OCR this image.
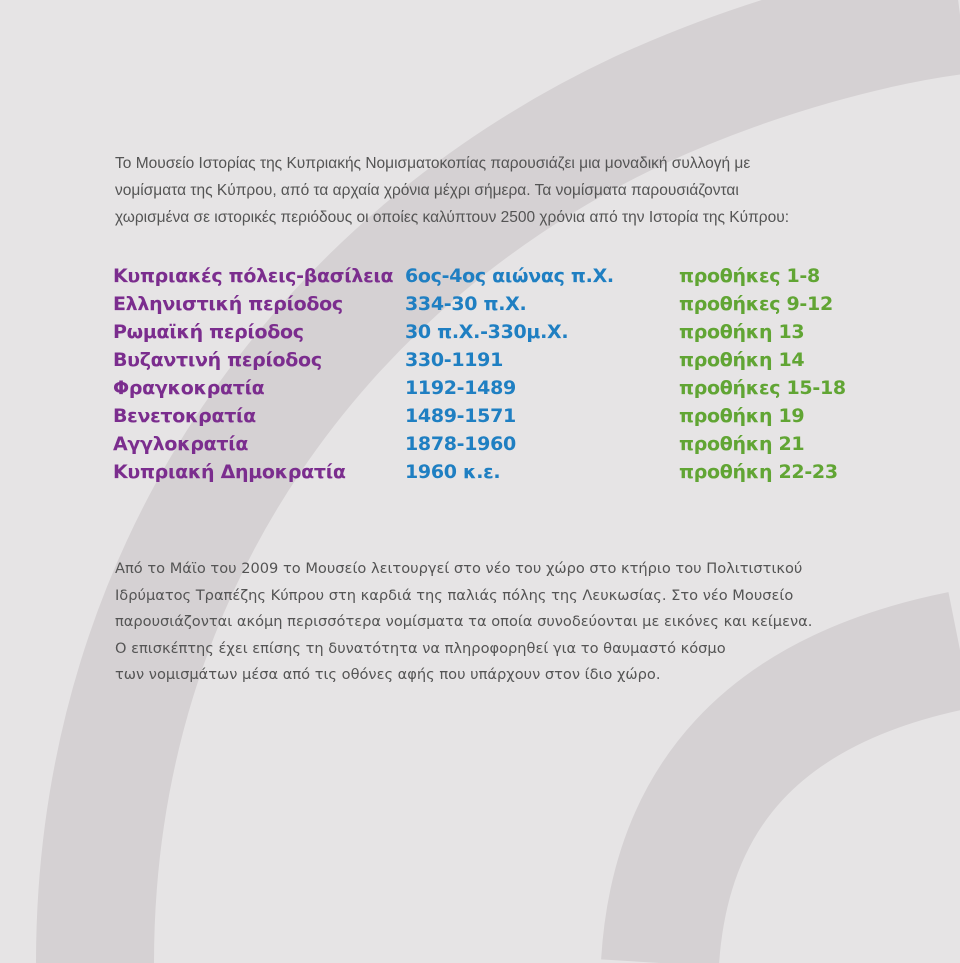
Το Μουσείο Ιστορίας της Κυπριακής Νομισματοκοπίας παρουσιάζει μια μοναδική συλλογή με

νομίσματα της Κύπρου, από τα αρχαία χρόνια μέχρι σήμερα. Τα νομίσματα παρουσιάζονται

χωρισμένα σε ιστορικές περιόδους οι οποίες καλύπτουν 2500 χρόνια από την Ιστορία της Κύπρου:

Κυπριακές πόλεις-βασίλεια
Ελληνιστική περίοδος
Ρωμαϊκή περίοδος
Βυζαντινή περίοδος
Φραγκοκρατία
Βενετοκρατία
Αγγλοκρατία
Κυπριακή Δημοκρατία
6ος-4ος αιώνας π.Χ.
334-30 π.Χ.
30 π.Χ.-330μ.Χ.
330-1191
1192-1489
1489-1571
1878-1960
1960 κ.ε.
προθήκες 1-8
προθήκες 9-12
προθήκη 13
προθήκη 14
προθήκες 15-18
προθήκη 19
προθήκη 21
προθήκη 22-23

Από το Μάϊο του 2009 το Μουσείο λειτουργεί στο νέο του χώρο στο κτήριο του Πολιτιστικού

Ιδρύματος Τραπέζης Κύπρου στη καρδιά της παλιάς πόλης της Λευκωσίας. Στο νέο Μουσείο

παρουσιάζονται ακόμη περισσότερα νομίσματα τα οποία συνοδεύονται με εικόνες και κείμενα.

Ο επισκέπτης έχει επίσης τη δυνατότητα να πληροφορηθεί για το θαυμαστό κόσμο

των νομισμάτων μέσα από τις οθόνες αφής που υπάρχουν στον ίδιο χώρο.
